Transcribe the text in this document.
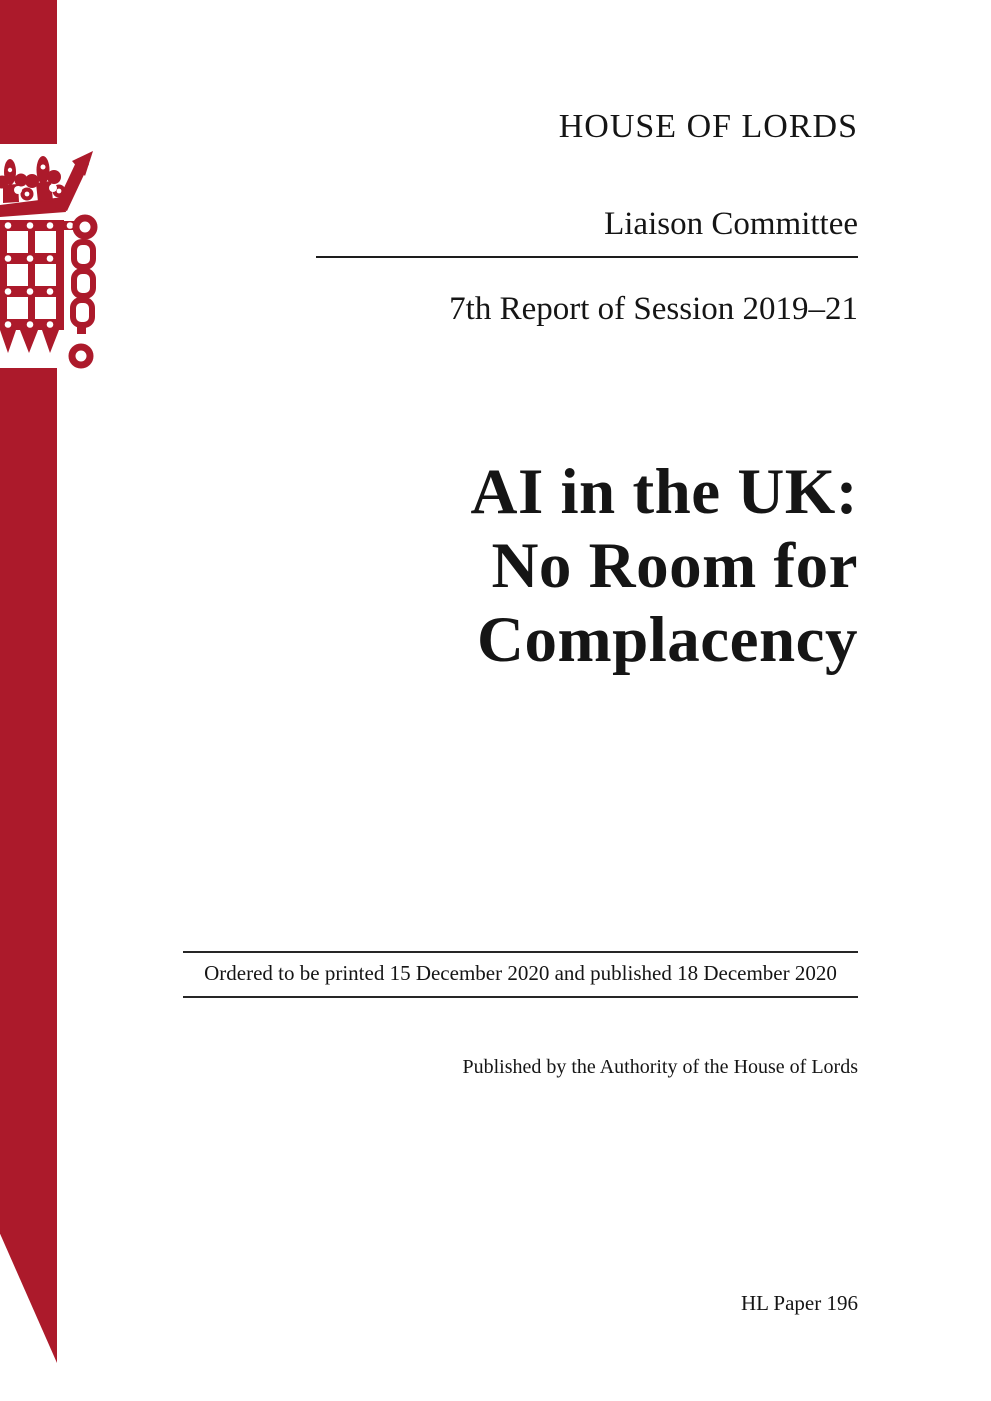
HOUSE OF LORDS
Liaison Committee
7th Report of Session 2019–21
AI in the UK:
No Room for
Complacency
Ordered to be printed 15 December 2020 and published 18 December 2020
Published by the Authority of the House of Lords
HL Paper 196
